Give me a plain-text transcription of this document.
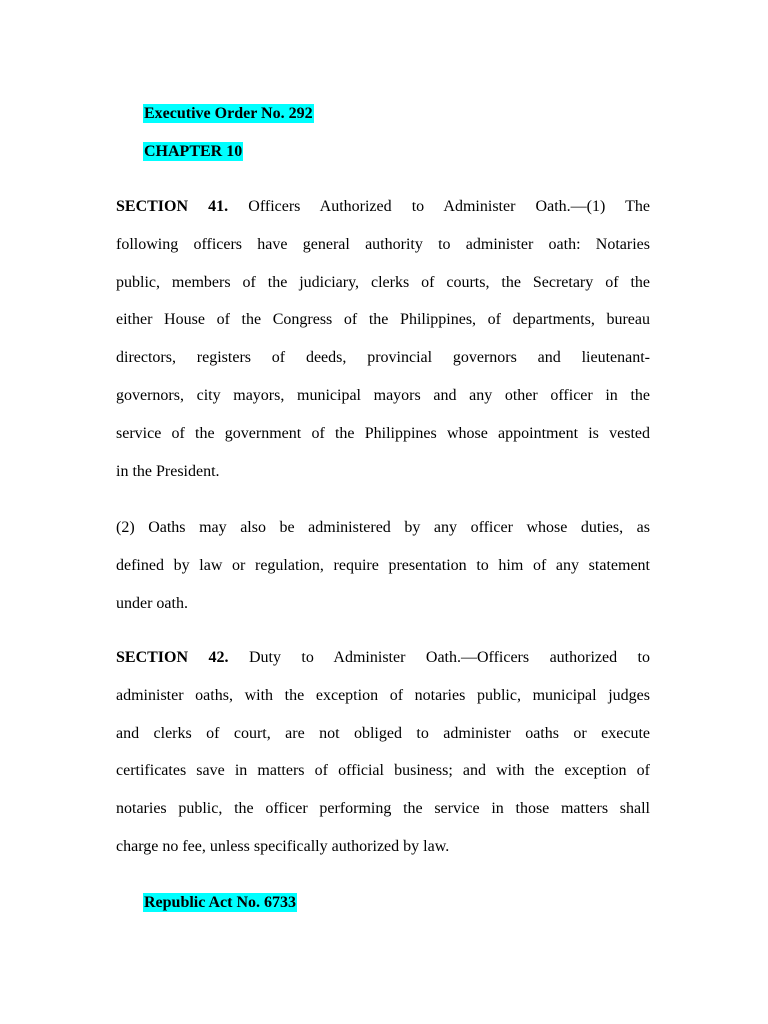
Executive Order No. 292
CHAPTER 10
SECTION 41. Officers Authorized to Administer Oath.—(1) The
following officers have general authority to administer oath: Notaries
public, members of the judiciary, clerks of courts, the Secretary of the
either House of the Congress of the Philippines, of departments, bureau
directors, registers of deeds, provincial governors and lieutenant-
governors, city mayors, municipal mayors and any other officer in the
service of the government of the Philippines whose appointment is vested
in the President.
(2) Oaths may also be administered by any officer whose duties, as
defined by law or regulation, require presentation to him of any statement
under oath.
SECTION 42. Duty to Administer Oath.—Officers authorized to
administer oaths, with the exception of notaries public, municipal judges
and clerks of court, are not obliged to administer oaths or execute
certificates save in matters of official business; and with the exception of
notaries public, the officer performing the service in those matters shall
charge no fee, unless specifically authorized by law.
Republic Act No. 6733
